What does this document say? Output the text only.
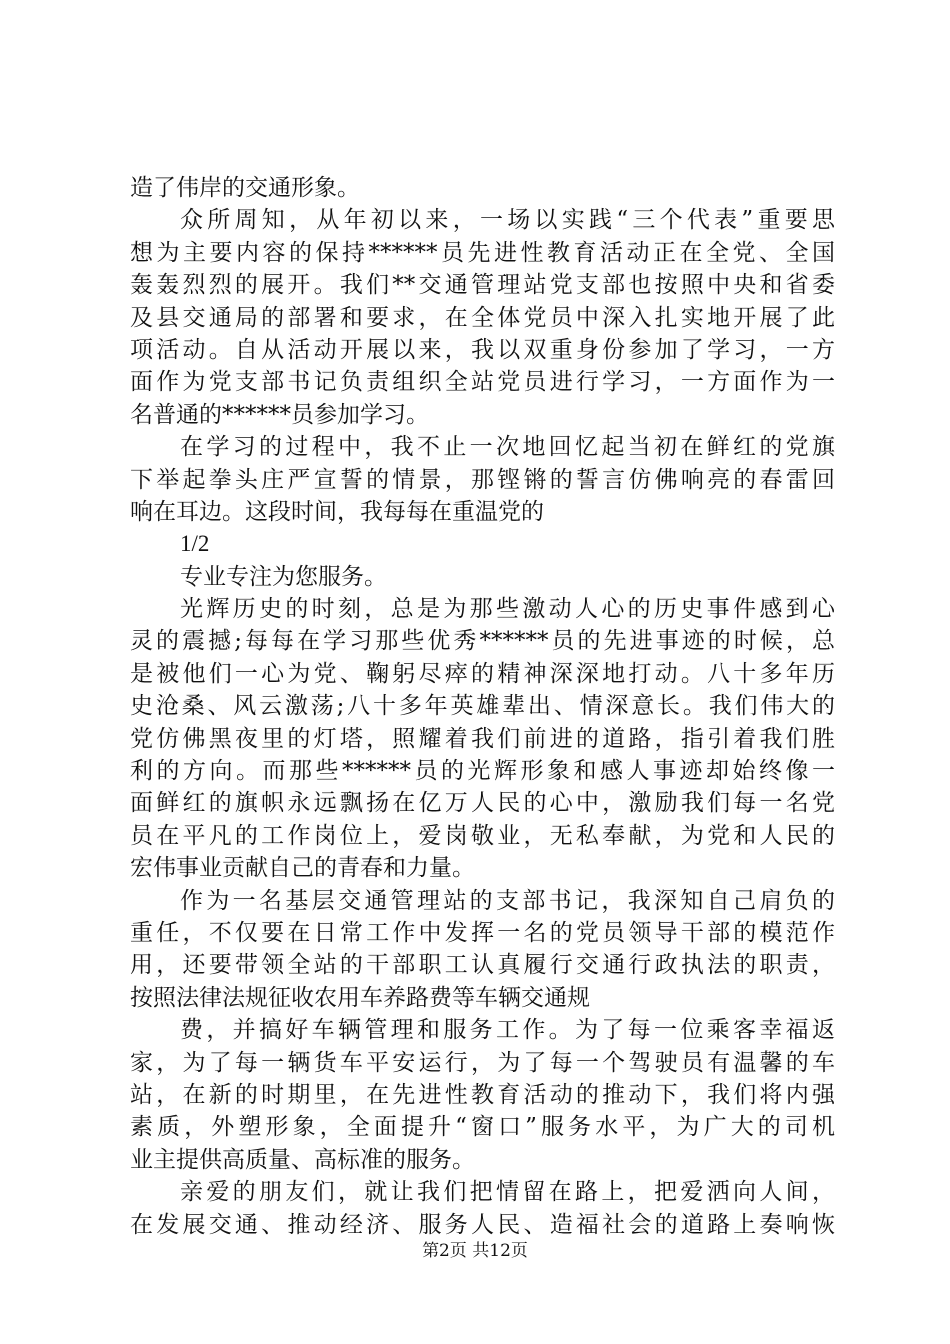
造了伟岸的交通形象。
众所周知，从年初以来，一场以实践“三个代表”重要思
想为主要内容的保持******员先进性教育活动正在全党、全国
轰轰烈烈的展开。我们**交通管理站党支部也按照中央和省委
及县交通局的部署和要求，在全体党员中深入扎实地开展了此
项活动。自从活动开展以来，我以双重身份参加了学习，一方
面作为党支部书记负责组织全站党员进行学习，一方面作为一
名普通的******员参加学习。
在学习的过程中，我不止一次地回忆起当初在鲜红的党旗
下举起拳头庄严宣誓的情景，那铿锵的誓言仿佛响亮的春雷回
响在耳边。这段时间，我每每在重温党的
1/2
专业专注为您服务。
光辉历史的时刻，总是为那些激动人心的历史事件感到心
灵的震撼;每每在学习那些优秀******员的先进事迹的时候，总
是被他们一心为党、鞠躬尽瘁的精神深深地打动。八十多年历
史沧桑、风云激荡;八十多年英雄辈出、情深意长。我们伟大的
党仿佛黑夜里的灯塔，照耀着我们前进的道路，指引着我们胜
利的方向。而那些******员的光辉形象和感人事迹却始终像一
面鲜红的旗帜永远飘扬在亿万人民的心中，激励我们每一名党
员在平凡的工作岗位上，爱岗敬业，无私奉献，为党和人民的
宏伟事业贡献自己的青春和力量。
作为一名基层交通管理站的支部书记，我深知自己肩负的
重任，不仅要在日常工作中发挥一名的党员领导干部的模范作
用，还要带领全站的干部职工认真履行交通行政执法的职责，
按照法律法规征收农用车养路费等车辆交通规
费，并搞好车辆管理和服务工作。为了每一位乘客幸福返
家，为了每一辆货车平安运行，为了每一个驾驶员有温馨的车
站，在新的时期里，在先进性教育活动的推动下，我们将内强
素质，外塑形象，全面提升“窗口”服务水平，为广大的司机
业主提供高质量、高标准的服务。
亲爱的朋友们，就让我们把情留在路上，把爱洒向人间，
在发展交通、推动经济、服务人民、造福社会的道路上奏响恢
第2页 共12页
